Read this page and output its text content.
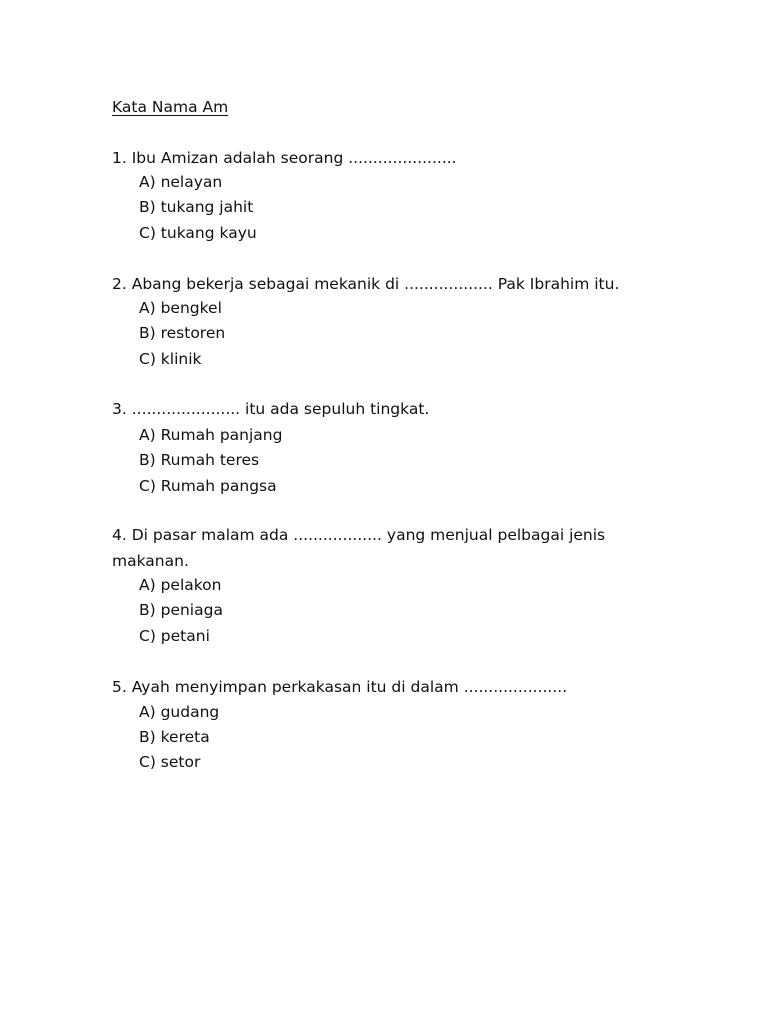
Kata Nama Am
1. Ibu Amizan adalah seorang ......................
A) nelayan
B) tukang jahit
C) tukang kayu
2. Abang bekerja sebagai mekanik di .................. Pak Ibrahim itu.
A) bengkel
B) restoren
C) klinik
3. ...................... itu ada sepuluh tingkat.
A) Rumah panjang
B) Rumah teres
C) Rumah pangsa
4. Di pasar malam ada .................. yang menjual pelbagai jenis
makanan.
A) pelakon
B) peniaga
C) petani
5. Ayah menyimpan perkakasan itu di dalam .....................
A) gudang
B) kereta
C) setor
